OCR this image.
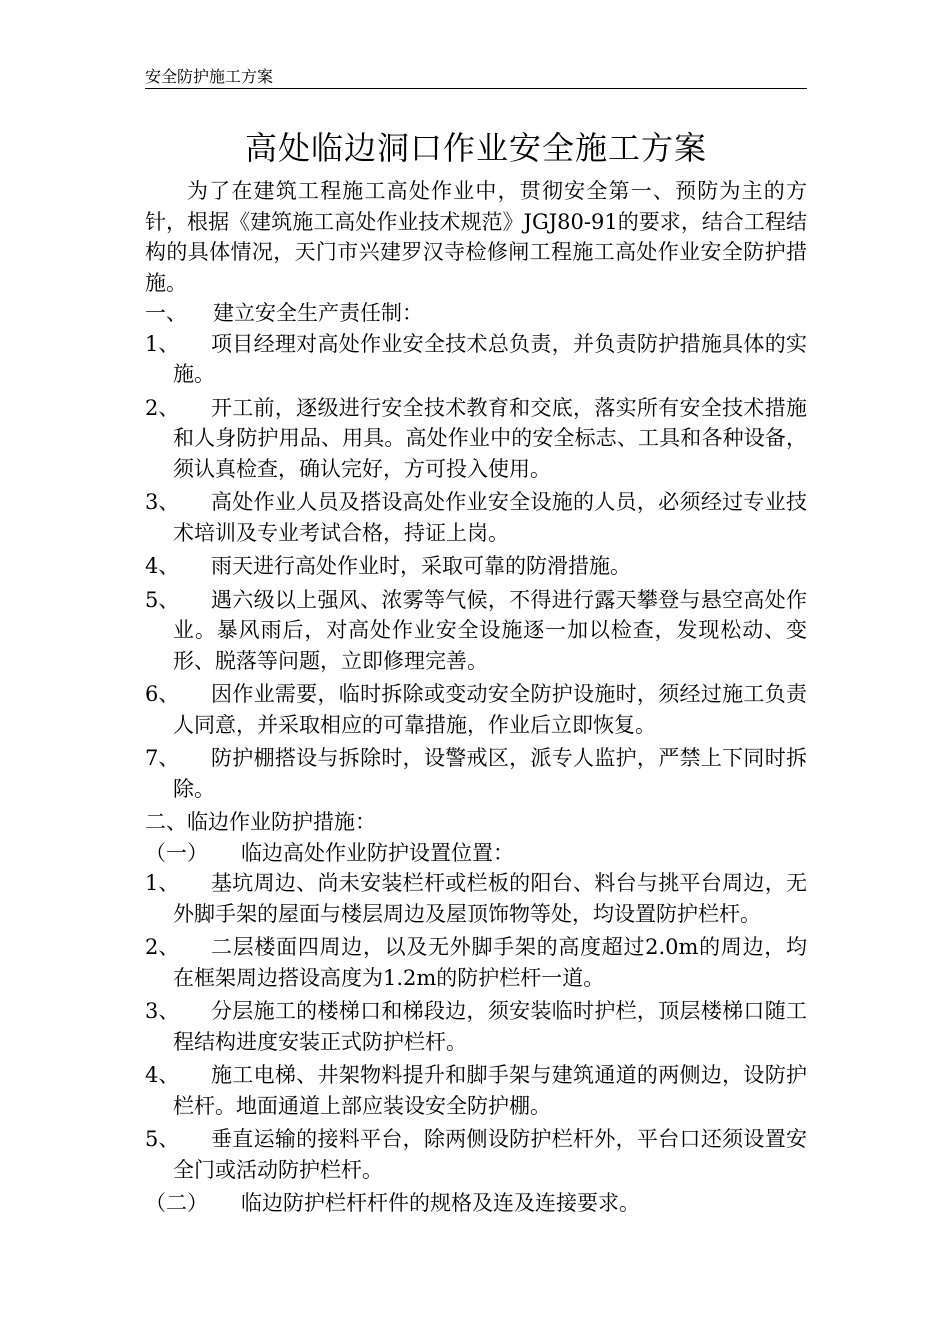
安全防护施工方案
高处临边洞口作业安全施工方案

为了在建筑工程施工高处作业中，贯彻安全第一、预防为主的方针，根据《建筑施工高处作业技术规范》JGJ80-91的要求，结合工程结构的具体情况，天门市兴建罗汉寺检修闸工程施工高处作业安全防护措施。

一、 建立安全生产责任制：

1、	项目经理对高处作业安全技术总负责，并负责防护措施具体的实施。
2、	开工前，逐级进行安全技术教育和交底，落实所有安全技术措施和人身防护用品、用具。高处作业中的安全标志、工具和各种设备，须认真检查，确认完好，方可投入使用。
3、	高处作业人员及搭设高处作业安全设施的人员，必须经过专业技术培训及专业考试合格，持证上岗。
4、	雨天进行高处作业时，采取可靠的防滑措施。
5、	遇六级以上强风、浓雾等气候，不得进行露天攀登与悬空高处作业。暴风雨后，对高处作业安全设施逐一加以检查，发现松动、变形、脱落等问题，立即修理完善。
6、	因作业需要，临时拆除或变动安全防护设施时，须经过施工负责人同意，并采取相应的可靠措施，作业后立即恢复。
7、	防护棚搭设与拆除时，设警戒区，派专人监护，严禁上下同时拆除。

二、临边作业防护措施：

（一） 临边高处作业防护设置位置：

1、	基坑周边、尚未安装栏杆或栏板的阳台、料台与挑平台周边，无外脚手架的屋面与楼层周边及屋顶饰物等处，均设置防护栏杆。
2、	二层楼面四周边，以及无外脚手架的高度超过2.0m的周边，均在框架周边搭设高度为1.2m的防护栏杆一道。
3、	分层施工的楼梯口和梯段边，须安装临时护栏，顶层楼梯口随工程结构进度安装正式防护栏杆。
4、	施工电梯、井架物料提升和脚手架与建筑通道的两侧边，设防护栏杆。地面通道上部应装设安全防护棚。
5、	垂直运输的接料平台，除两侧设防护栏杆外，平台口还须设置安全门或活动防护栏杆。

（二） 临边防护栏杆杆件的规格及连及连接要求。
